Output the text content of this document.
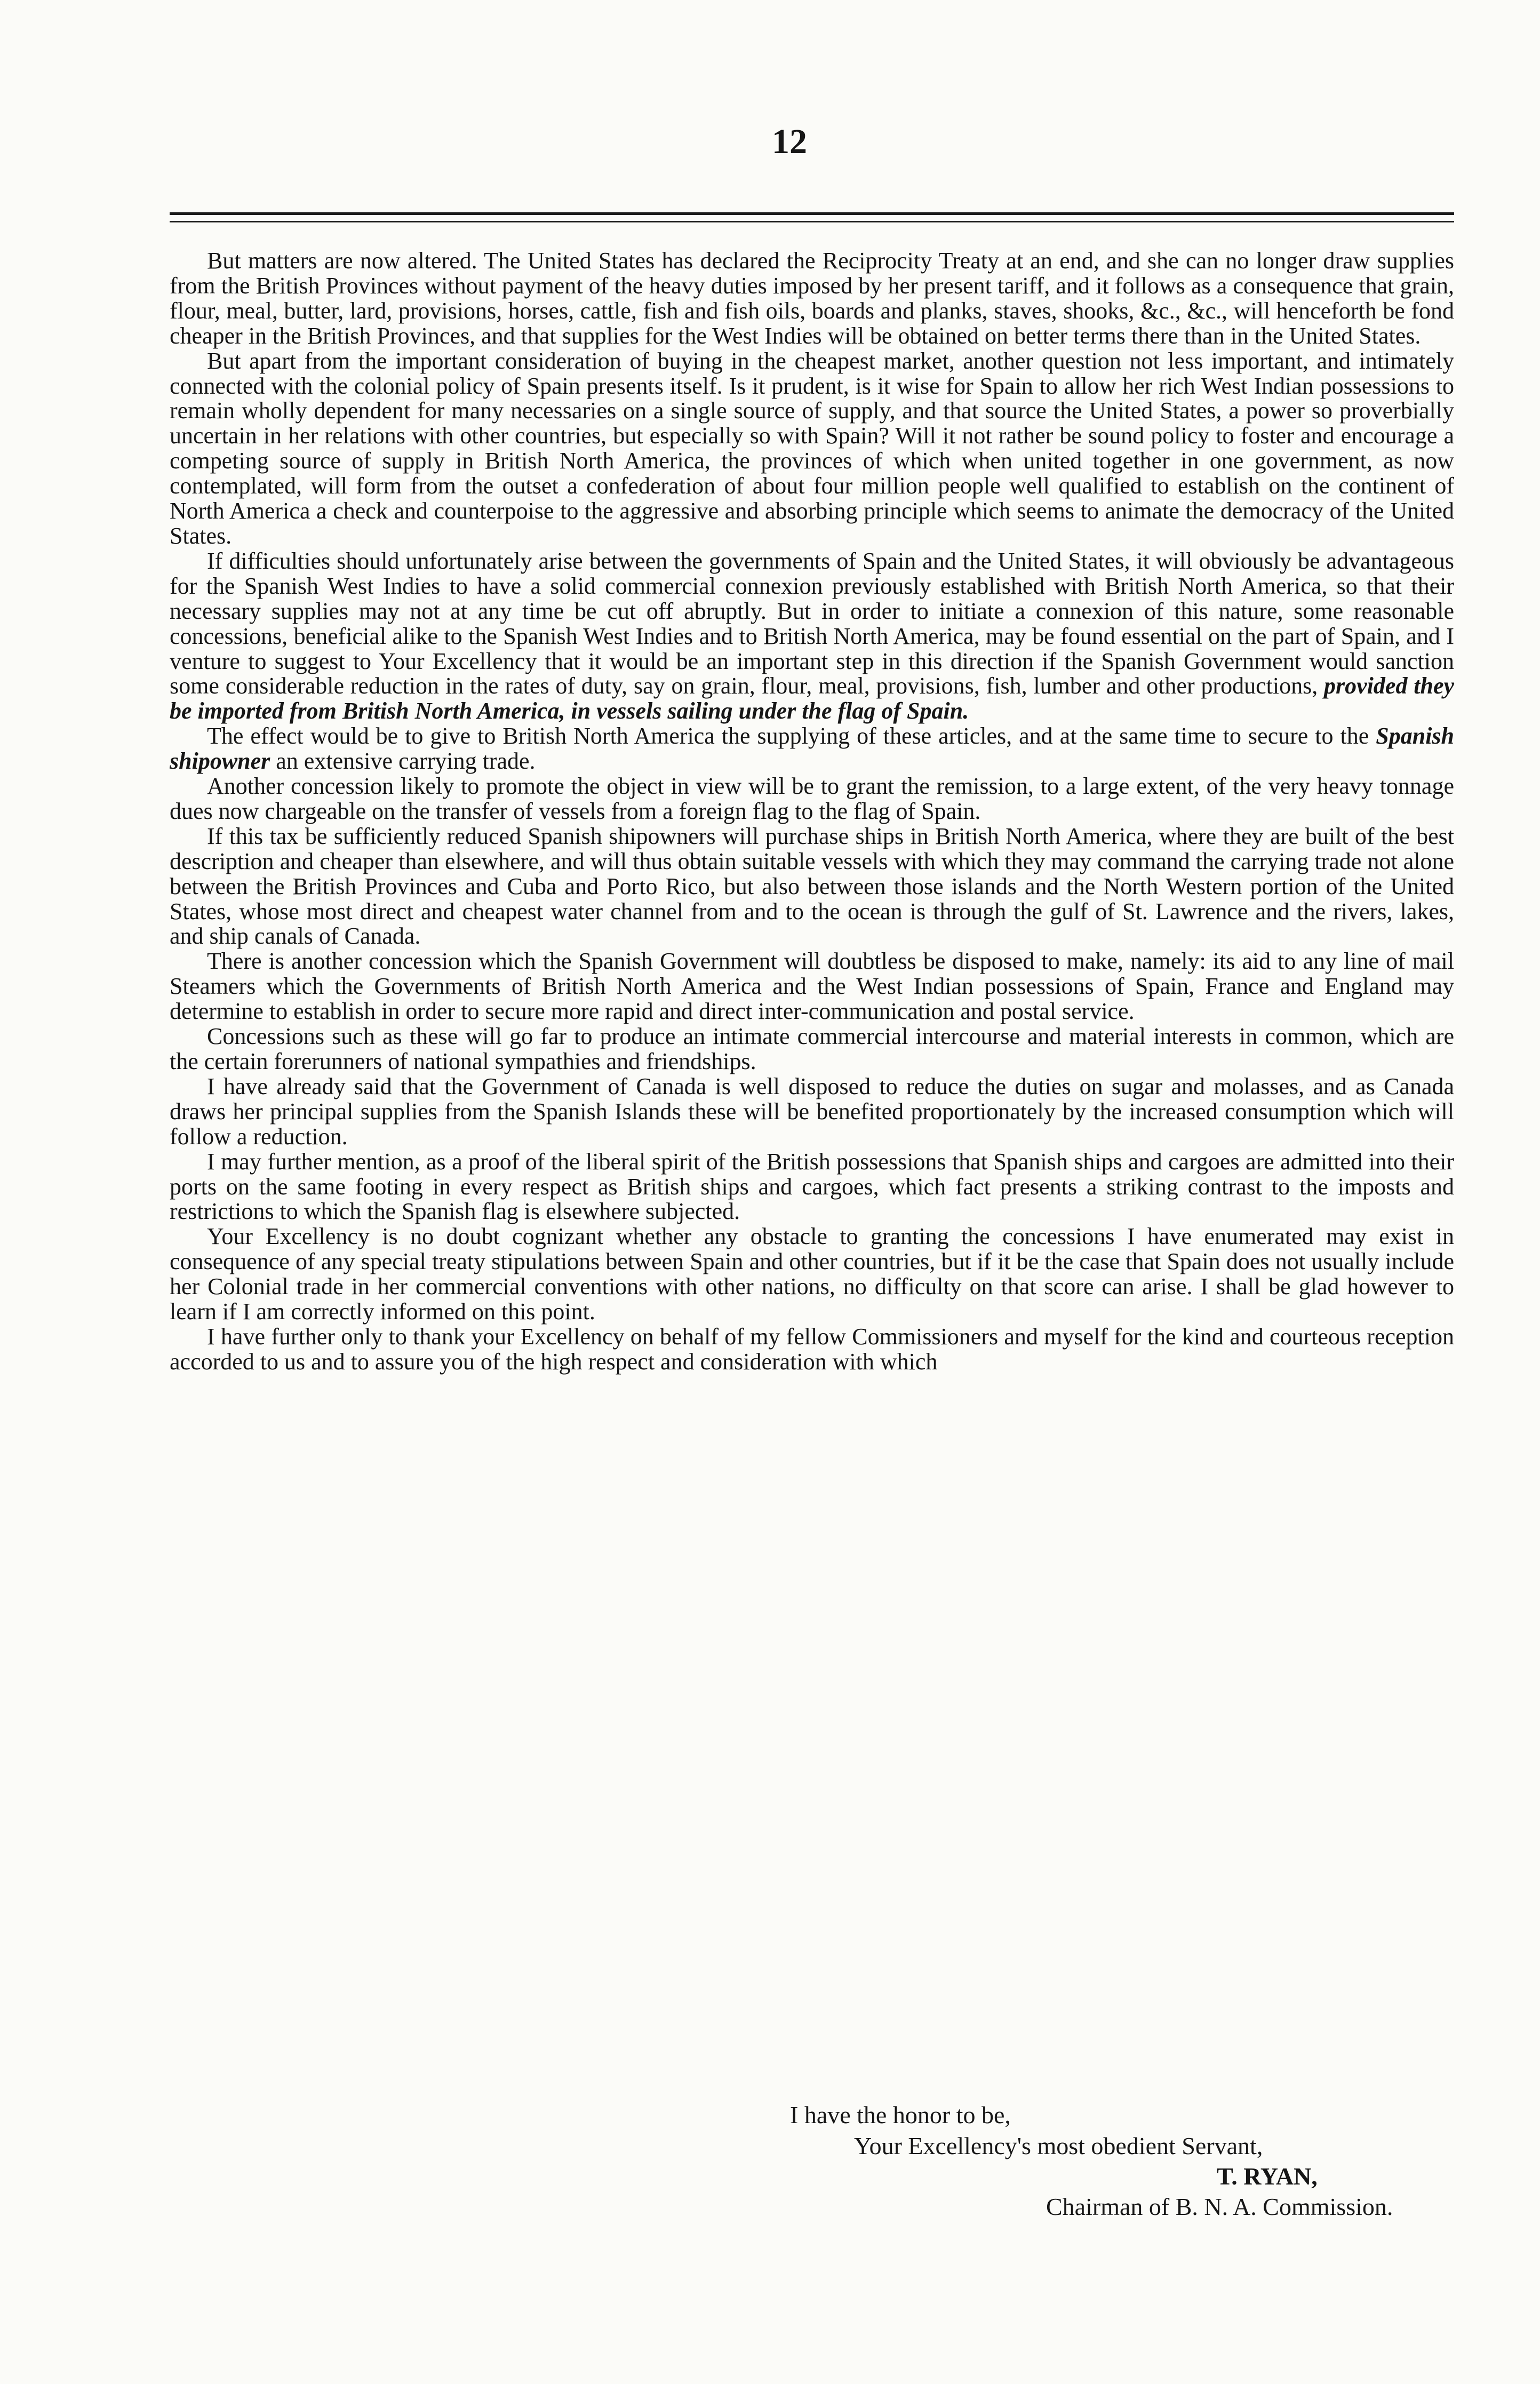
12

But matters are now altered. The United States has declared the Reciprocity Treaty at an end, and she can no longer draw supplies from the British Provinces without payment of the heavy duties imposed by her present tariff, and it follows as a consequence that grain, flour, meal, butter, lard, provisions, horses, cattle, fish and fish oils, boards and planks, staves, shooks, &c., &c., will henceforth be fond cheaper in the British Provinces, and that supplies for the West Indies will be obtained on better terms there than in the United States.

But apart from the important consideration of buying in the cheapest market, another question not less important, and intimately connected with the colonial policy of Spain presents itself. Is it prudent, is it wise for Spain to allow her rich West Indian possessions to remain wholly dependent for many necessaries on a single source of supply, and that source the United States, a power so proverbially uncertain in her relations with other countries, but especially so with Spain? Will it not rather be sound policy to foster and encourage a competing source of supply in British North America, the provinces of which when united together in one government, as now contemplated, will form from the outset a confederation of about four million people well qualified to establish on the continent of North America a check and counterpoise to the aggressive and absorbing principle which seems to animate the democracy of the United States.

If difficulties should unfortunately arise between the governments of Spain and the United States, it will obviously be advantageous for the Spanish West Indies to have a solid commercial connexion previously established with British North America, so that their necessary supplies may not at any time be cut off abruptly. But in order to initiate a connexion of this nature, some reasonable concessions, beneficial alike to the Spanish West Indies and to British North America, may be found essential on the part of Spain, and I venture to suggest to Your Excellency that it would be an important step in this direction if the Spanish Government would sanction some considerable reduction in the rates of duty, say on grain, flour, meal, provisions, fish, lumber and other productions, provided they be imported from British North America, in vessels sailing under the flag of Spain.

The effect would be to give to British North America the supplying of these articles, and at the same time to secure to the Spanish shipowner an extensive carrying trade.

Another concession likely to promote the object in view will be to grant the remission, to a large extent, of the very heavy tonnage dues now chargeable on the transfer of vessels from a foreign flag to the flag of Spain.

If this tax be sufficiently reduced Spanish shipowners will purchase ships in British North America, where they are built of the best description and cheaper than elsewhere, and will thus obtain suitable vessels with which they may command the carrying trade not alone between the British Provinces and Cuba and Porto Rico, but also between those islands and the North Western portion of the United States, whose most direct and cheapest water channel from and to the ocean is through the gulf of St. Lawrence and the rivers, lakes, and ship canals of Canada.

There is another concession which the Spanish Government will doubtless be disposed to make, namely: its aid to any line of mail Steamers which the Governments of British North America and the West Indian possessions of Spain, France and England may determine to establish in order to secure more rapid and direct inter-communication and postal service.

Concessions such as these will go far to produce an intimate commercial intercourse and material interests in common, which are the certain forerunners of national sympathies and friendships.

I have already said that the Government of Canada is well disposed to reduce the duties on sugar and molasses, and as Canada draws her principal supplies from the Spanish Islands these will be benefited proportionately by the increased consumption which will follow a reduction.

I may further mention, as a proof of the liberal spirit of the British possessions that Spanish ships and cargoes are admitted into their ports on the same footing in every respect as British ships and cargoes, which fact presents a striking contrast to the imposts and restrictions to which the Spanish flag is elsewhere subjected.

Your Excellency is no doubt cognizant whether any obstacle to granting the concessions I have enumerated may exist in consequence of any special treaty stipulations between Spain and other countries, but if it be the case that Spain does not usually include her Colonial trade in her commercial conventions with other nations, no difficulty on that score can arise. I shall be glad however to learn if I am correctly informed on this point.

I have further only to thank your Excellency on behalf of my fellow Commissioners and myself for the kind and courteous reception accorded to us and to assure you of the high respect and consideration with which

I have the honor to be,
Your Excellency's most obedient Servant,
T. RYAN,
Chairman of B. N. A. Commission.
